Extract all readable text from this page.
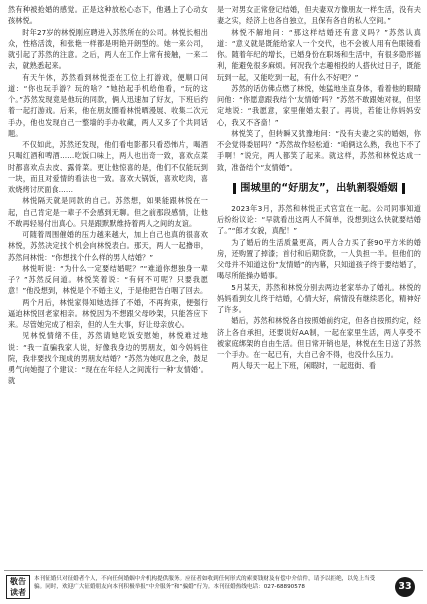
然有种被抢婚的感觉。正是这种放松心态下，他遇上了心动女孩林悦。

时年27岁的林悦刚应聘进入苏然所在的公司。林悦长相出众，性格活泼，和张艳一样都是明艳开朗型的。她一来公司，就引起了苏然的注意。之后，两人在工作上常有接触，一来二去，就熟悉起来。

有天午休，苏然看到林悦歪在工位上打游戏，便顺口问道：“你也玩手游？玩的啥？”她抬起手机给他看，“玩的这个。”苏然发现竟是他玩的同款，俩人迅速加了好友，下班后约着一起打游戏。后来，他在朋友圈看林悦晒漫展、收集二次元手办，他也发现自己一整墙的手办收藏，两人又多了个共同话题。

不仅如此，苏然还发现，他们看电影都只看恐怖片，喝酒只喝红酒和啤酒……吃饭口味上，两人也出奇一致，喜欢点菜时都喜欢点去皮、露骨菜。更让他惊喜的是，他们不仅能玩到一块，而且对爱情的看法也一致。喜欢大锅饭，喜欢吃肉，喜欢烧烤讨厌面食……

林悦隔天就是同款的自己。苏然想，如果能跟林悦在一起，自己肯定是一辈子不会感到无聊。但之前那段感情，让他不敢再轻易付出真心。只是跟默默维持着两人之间的友谊。

可随着周围催婚的压力越来越大，加上自己也真的很喜欢林悦，苏然决定找个机会向林悦表白。那天，两人一起撸串，苏然问林悦：“你想找个什么样的男人结婚？”

林悦听说：“为什么一定要结婚呢？”“难道你想独身一辈子？”苏然反问道。林悦笑着说：“有何不可呢？只要我愿意！”他没想到，林悦是个不婚主义，于是他把告白咽了回去。

两个月后，林悦家得知她选择了不婚，不再拘束，便强行逼迫林悦回老家相亲。林悦因为不想跟父母吵架，只能答应下来。尽管她完成了相亲，但的人生大事，好让母亲放心。

见林悦情绪不佳，苏然请她吃饭安慰她，林悦难过地说：“我一直骗我家人说，好像我身边的男朋友，如今妈妈住院，我非要找个现成的男朋友结婚？”苏然为她叹息之余，鼓足勇气向她提了个建议：“现在在年轻人之间流行一种‘友情婚’。就

是一对男女正常登记结婚，但夫妻双方像朋友一样生活，没有夫妻之实，经济上也各自独立，且保有各自的私人空间。”

林悦不解地问：“那这样结婚还有意义吗？”苏然认真道：“意义就是既能给家人一个交代，也不会被人用有色眼镜看你。随着年纪的增长，已婚身份在职场和生活中，有很多隐形福利，能避免很多麻烦。何况我个志趣相投的人搭伙过日子，既能玩到一起，又能吃到一起，有什么不好吧？”

苏然的话仿佛点燃了林悦，她猛地坐直身体，看着他的眼睛问他：“你愿意跟我结个‘友情婚’吗？”苏然不敢跟她对视，但坚定地说：“我愿意，家里催婚太狠了。再说，若能让你妈妈安心，我又不吝啬！”

林悦笑了，但转瞬又犹豫地问：“没有夫妻之实的婚姻，你不会觉得委屈吗？”苏然故作轻松道：“咱俩这么熟，我也下不了手啊！”说完，两人都笑了起来。就这样，苏然和林悦达成一致，准备结个“友情婚”。

围城里的“好朋友”，出轨割裂婚姻

2023年3月，苏然和林悦正式官宣在一起。公司同事知道后纷纷议论：“早就看出这两人不简单，没想到这么快就要结婚了。”“郎才女貌，真配！”

为了婚后的生活质量更高，两人合力买了套90平方米的婚房，还购置了掉漆；首付和后期贷款，一人负担一半。但他们的父母并不知道这份“友情婚”的内幕，只知道孩子终于要结婚了，喝尽所能操办婚事。

5月某天，苏然和林悦分别去两边老家举办了婚礼。林悦的妈妈看到女儿终于结婚，心情大好，病情没有继续恶化，精神好了许多。

婚后，苏然和林悦各自按照婚前约定，但各自按照约定，经济上各自承担，还要说好AA制，一起在家里生活，两人享受不被家庭绑架的自由生活。但日常开销也是，林悦在生日送了苏然一个手办。在一起已有，大自己舍不得，也没什么压力。

两人每天一起上下班，闲暇时，一起逛街、看

敬告
读者
本刊征婚只对征婚者个人，不向任何婚姻中介机构提供服务。应征者如收到任何形式的索要钱财及有偿中介信件，请予以拒绝，以免上当受骗。同时，欢迎广大征婚朋友向本刊积极举报“中介服务”和“骗婚”行为。本刊征婚热线电话：027-68890578	33
